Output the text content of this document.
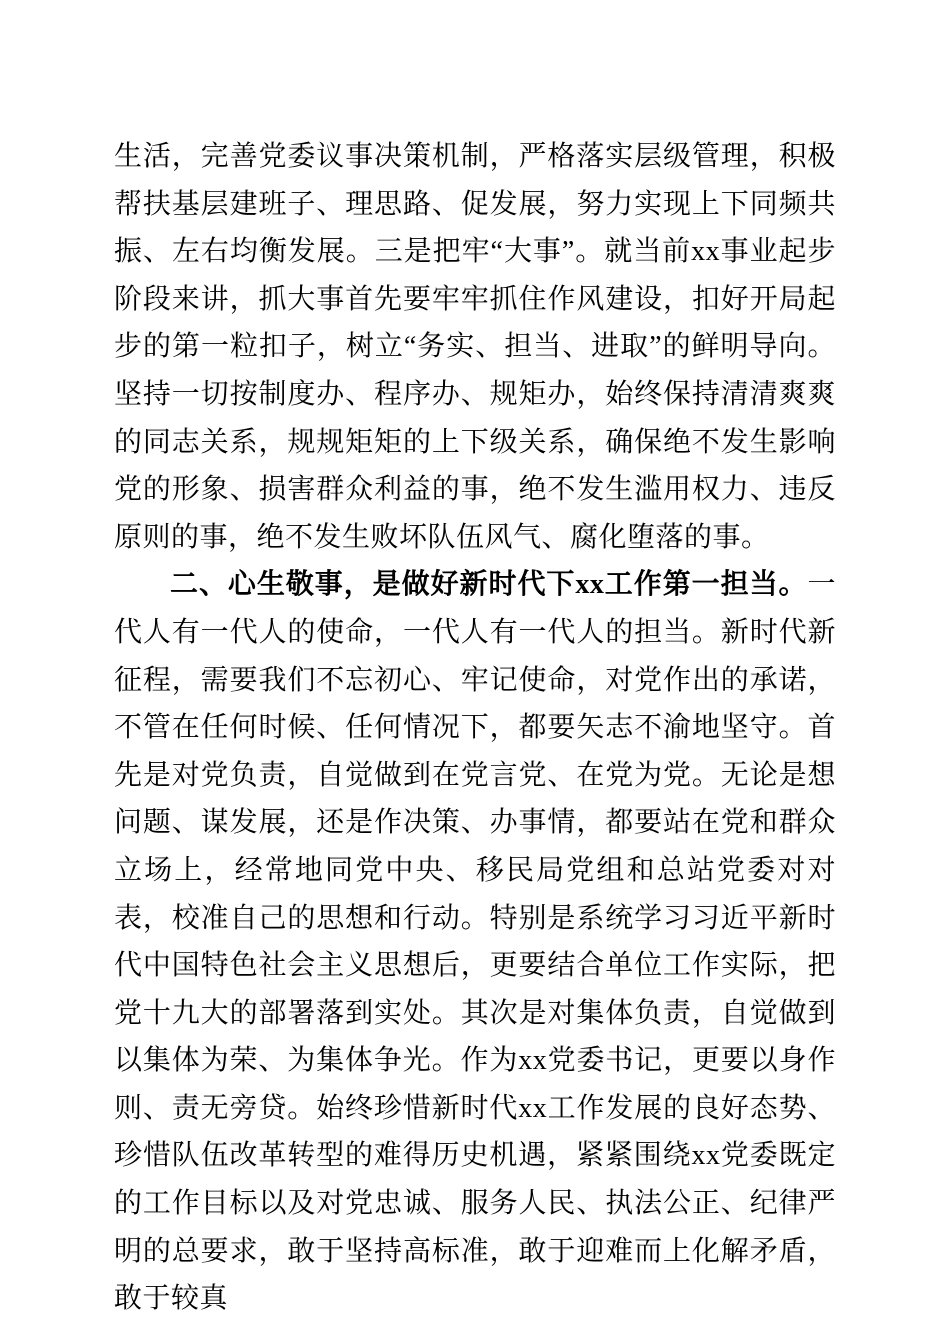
生活，完善党委议事决策机制，严格落实层级管理，积极帮扶基层建班子、理思路、促发展，努力实现上下同频共振、左右均衡发展。三是把牢“大事”。就当前xx事业起步阶段来讲，抓大事首先要牢牢抓住作风建设，扣好开局起步的第一粒扣子，树立“务实、担当、进取”的鲜明导向。坚持一切按制度办、程序办、规矩办，始终保持清清爽爽的同志关系，规规矩矩的上下级关系，确保绝不发生影响党的形象、损害群众利益的事，绝不发生滥用权力、违反原则的事，绝不发生败坏队伍风气、腐化堕落的事。

二、心生敬事，是做好新时代下xx工作第一担当。一代人有一代人的使命，一代人有一代人的担当。新时代新征程，需要我们不忘初心、牢记使命，对党作出的承诺，不管在任何时候、任何情况下，都要矢志不渝地坚守。首先是对党负责，自觉做到在党言党、在党为党。无论是想问题、谋发展，还是作决策、办事情，都要站在党和群众立场上，经常地同党中央、移民局党组和总站党委对对表，校准自己的思想和行动。特别是系统学习习近平新时代中国特色社会主义思想后，更要结合单位工作实际，把党十九大的部署落到实处。其次是对集体负责，自觉做到以集体为荣、为集体争光。作为xx党委书记，更要以身作则、责无旁贷。始终珍惜新时代xx工作发展的良好态势、珍惜队伍改革转型的难得历史机遇，紧紧围绕xx党委既定的工作目标以及对党忠诚、服务人民、执法公正、纪律严明的总要求，敢于坚持高标准，敢于迎难而上化解矛盾，敢于较真
